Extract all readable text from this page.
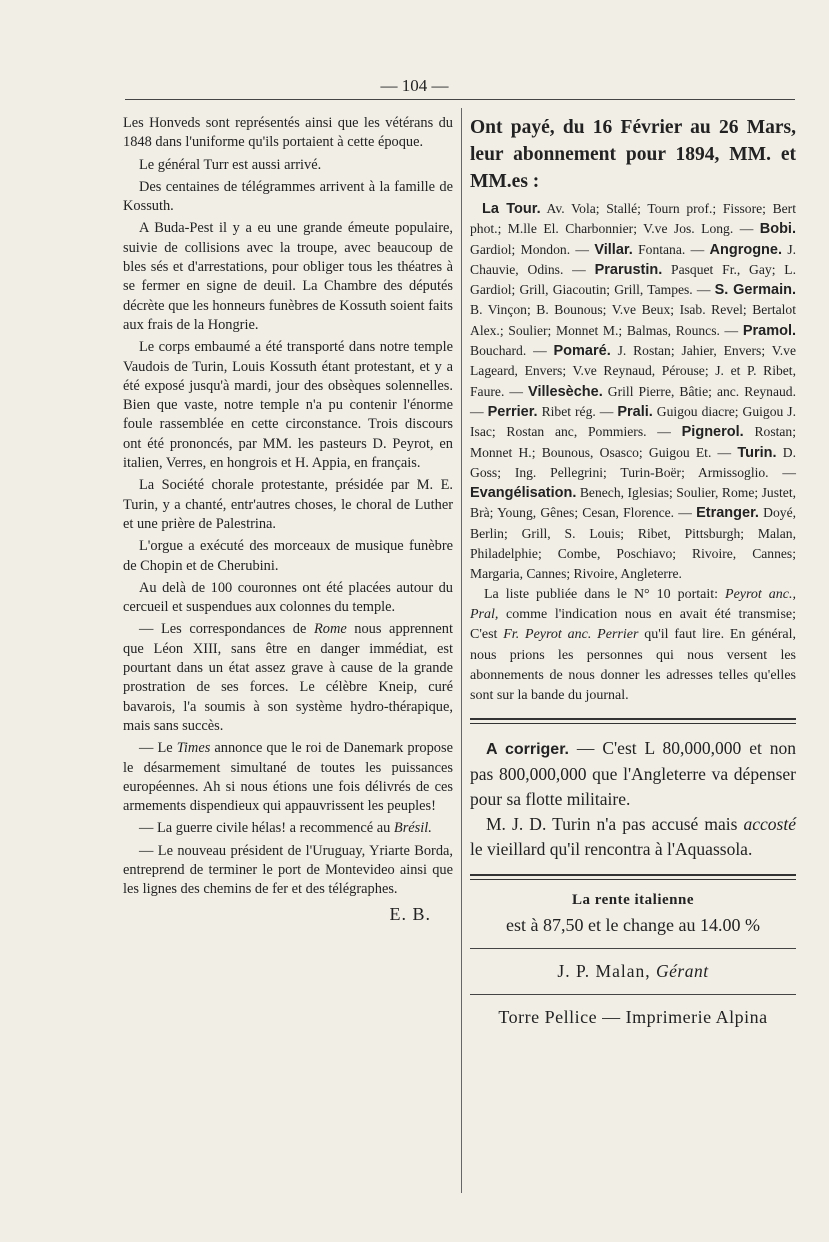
— 104 —

Les Honveds sont représentés ainsi que les vétérans du 1848 dans l'uniforme qu'ils portaient à cette époque.

Le général Turr est aussi arrivé.

Des centaines de télégrammes arrivent à la famille de Kossuth.

A Buda-Pest il y a eu une grande émeute populaire, suivie de collisions avec la troupe, avec beaucoup de bles sés et d'arrestations, pour obliger tous les théatres à se fermer en signe de deuil. La Chambre des députés décrète que les honneurs funèbres de Kossuth soient faits aux frais de la Hongrie.

Le corps embaumé a été transporté dans notre temple Vaudois de Turin, Louis Kossuth étant protestant, et y a été exposé jusqu'à mardi, jour des obsèques solennelles. Bien que vaste, notre temple n'a pu contenir l'énorme foule rassemblée en cette circonstance. Trois discours ont été prononcés, par MM. les pasteurs D. Peyrot, en italien, Verres, en hongrois et H. Appia, en français.

La Société chorale protestante, présidée par M. E. Turin, y a chanté, entr'autres choses, le choral de Luther et une prière de Palestrina.

L'orgue a exécuté des morceaux de musique funèbre de Chopin et de Cherubini.

Au delà de 100 couronnes ont été placées autour du cercueil et suspendues aux colonnes du temple.

— Les correspondances de Rome nous apprennent que Léon XIII, sans être en danger immédiat, est pourtant dans un état assez grave à cause de la grande prostration de ses forces. Le célèbre Kneip, curé bavarois, l'a soumis à son système hydro-thérapique, mais sans succès.

— Le Times annonce que le roi de Danemark propose le désarmement simultané de toutes les puissances européennes. Ah si nous étions une fois délivrés de ces armements dispendieux qui appauvrissent les peuples!

— La guerre civile hélas! a recommencé au Brésil.

— Le nouveau président de l'Uruguay, Yriarte Borda, entreprend de terminer le port de Montevideo ainsi que les lignes des chemins de fer et des télégraphes.

E. B.

Ont payé, du 16 Février au 26 Mars, leur abonnement pour 1894, MM. et MM.es :

La Tour. Av. Vola; Stallé; Tourn prof.; Fissore; Bert phot.; M.lle El. Charbonnier; V.ve Jos. Long. — Bobi. Gardiol; Mondon. — Villar. Fontana. — Angrogne. J. Chauvie, Odins. — Prarustin. Pasquet Fr., Gay; L. Gardiol; Grill, Giacoutin; Grill, Tampes. — S. Germain. B. Vinçon; B. Bounous; V.ve Beux; Isab. Revel; Bertalot Alex.; Soulier; Monnet M.; Balmas, Rouncs. — Pramol. Bouchard. — Pomaré. J. Rostan; Jahier, Envers; V.ve Lageard, Envers; V.ve Reynaud, Pérouse; J. et P. Ribet, Faure. — Villesèche. Grill Pierre, Bâtie; anc. Reynaud. — Perrier. Ribet rég. — Prali. Guigou diacre; Guigou J. Isac; Rostan anc, Pommiers. — Pignerol. Rostan; Monnet H.; Bounous, Osasco; Guigou Et. — Turin. D. Goss; Ing. Pellegrini; Turin-Boër; Armissoglio. — Evangélisation. Benech, Iglesias; Soulier, Rome; Justet, Brà; Young, Gênes; Cesan, Florence. — Etranger. Doyé, Berlin; Grill, S. Louis; Ribet, Pittsburgh; Malan, Philadelphie; Combe, Poschiavo; Rivoire, Cannes; Margaria, Cannes; Rivoire, Angleterre.

La liste publiée dans le N° 10 portait: Peyrot anc., Pral, comme l'indication nous en avait été transmise; C'est Fr. Peyrot anc. Perrier qu'il faut lire. En général, nous prions les personnes qui nous versent les abonnements de nous donner les adresses telles qu'elles sont sur la bande du journal.

A corriger. — C'est L 80,000,000 et non pas 800,000,000 que l'Angleterre va dépenser pour sa flotte militaire.

M. J. D. Turin n'a pas accusé mais accosté le vieillard qu'il rencontra à l'Aquassola.

La rente italienne

est à 87,50 et le change au 14.00 %

J. P. Malan, Gérant

Torre Pellice — Imprimerie Alpina
